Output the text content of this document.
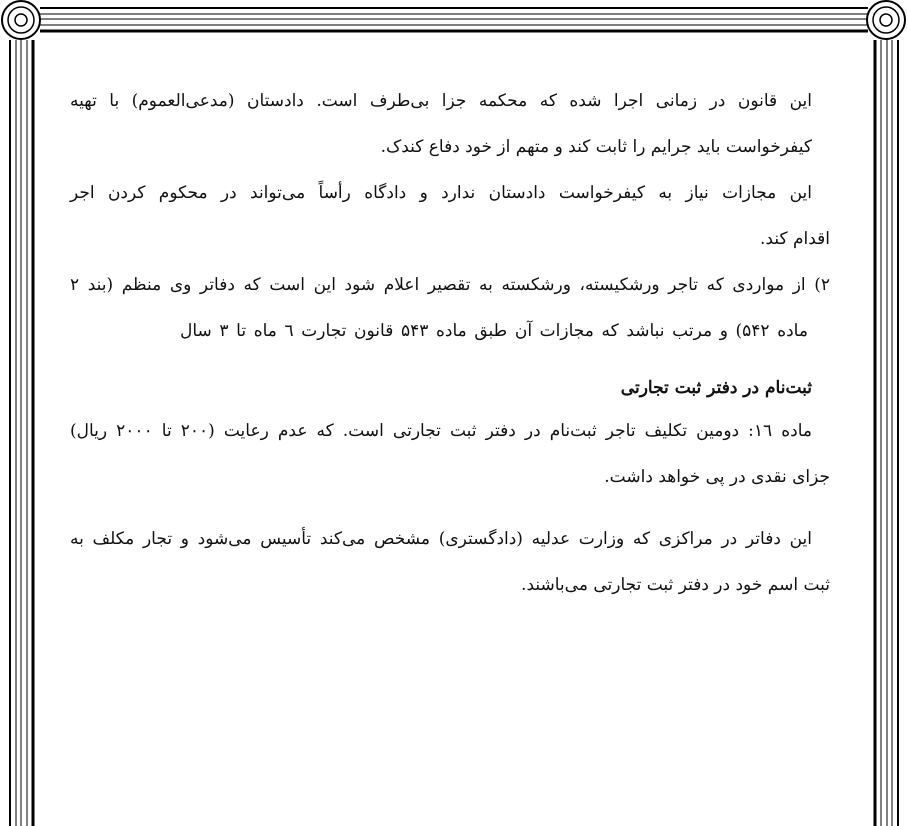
این قانون در زمانی اجرا شده که محکمه جزا بی‌طرف است. دادستان (مدعی‌العموم) با تهیه
کیفرخواست باید جرایم را ثابت کند و متهم از خود دفاع کندک.
این مجازات نیاز به کیفرخواست دادستان ندارد و دادگاه رأساً می‌تواند در محکوم کردن اجر
اقدام کند.
۲) از مواردی که تاجر ورشکیسته، ورشکسته به تقصیر اعلام شود این است که دفاتر وی منظم (بند ۲
ماده ۵۴۲) و مرتب نباشد که مجازات آن طبق ماده ۵۴۳ قانون تجارت ٦ ماه تا ۳ سال
ثبت‌نام در دفتر ثبت تجارتی
ماده ١٦: دومین تکلیف تاجر ثبت‌نام در دفتر ثبت تجارتی است. که عدم رعایت (۲۰۰ تا ۲۰۰۰ ریال)
جزای نقدی در پی خواهد داشت.
این دفاتر در مراکزی که وزارت عدلیه (دادگستری) مشخص می‌کند تأسیس می‌شود و تجار مکلف به
ثبت اسم خود در دفتر ثبت تجارتی می‌باشند.
